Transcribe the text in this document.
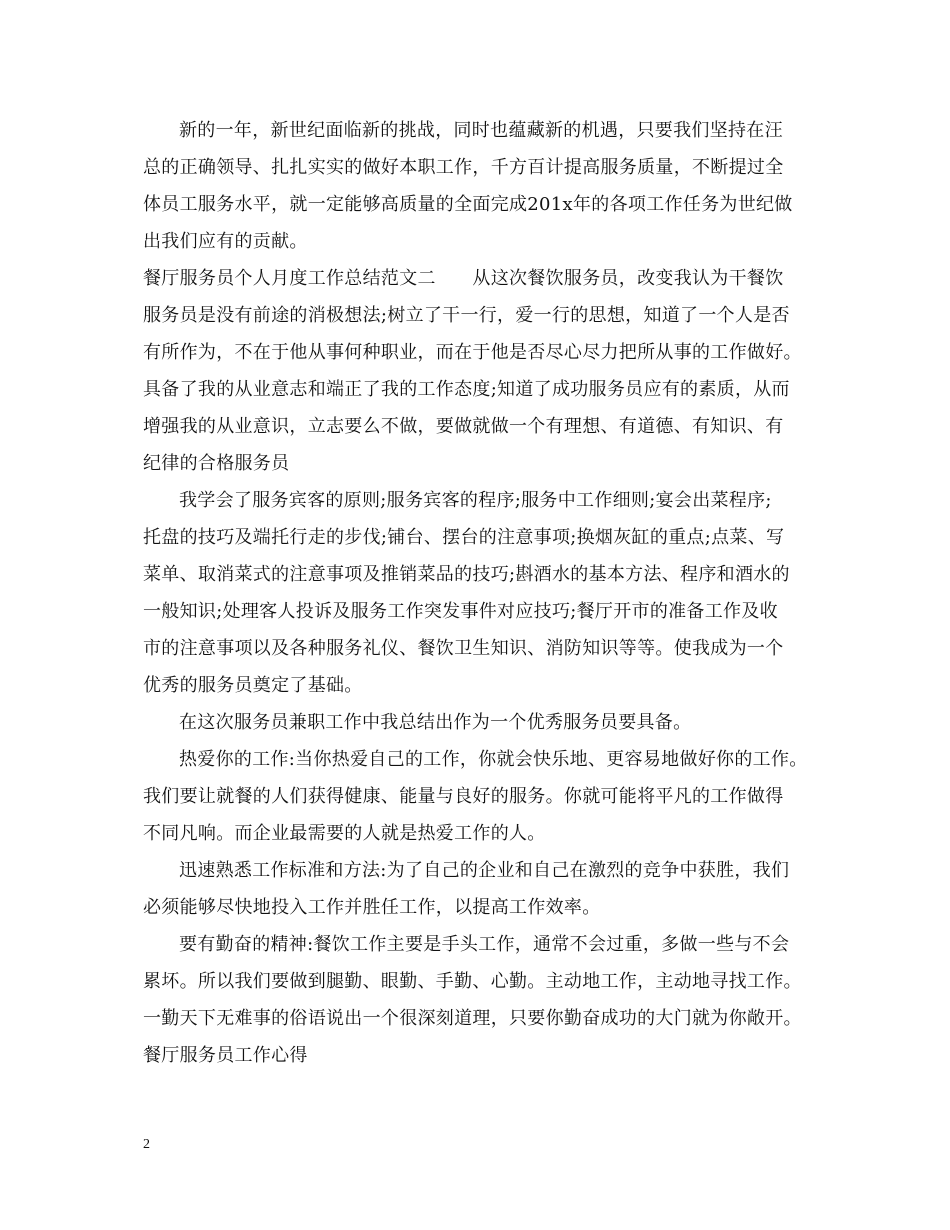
新的一年，新世纪面临新的挑战，同时也蕴藏新的机遇，只要我们坚持在汪
总的正确领导、扎扎实实的做好本职工作，千方百计提高服务质量，不断提过全
体员工服务水平，就一定能够高质量的全面完成201x年的各项工作任务为世纪做
出我们应有的贡献。
餐厅服务员个人月度工作总结范文二　　从这次餐饮服务员，改变我认为干餐饮
服务员是没有前途的消极想法;树立了干一行，爱一行的思想，知道了一个人是否
有所作为，不在于他从事何种职业，而在于他是否尽心尽力把所从事的工作做好。
具备了我的从业意志和端正了我的工作态度;知道了成功服务员应有的素质，从而
增强我的从业意识，立志要么不做，要做就做一个有理想、有道德、有知识、有
纪律的合格服务员
我学会了服务宾客的原则;服务宾客的程序;服务中工作细则;宴会出菜程序;
托盘的技巧及端托行走的步伐;铺台、摆台的注意事项;换烟灰缸的重点;点菜、写
菜单、取消菜式的注意事项及推销菜品的技巧;斟酒水的基本方法、程序和酒水的
一般知识;处理客人投诉及服务工作突发事件对应技巧;餐厅开市的准备工作及收
市的注意事项以及各种服务礼仪、餐饮卫生知识、消防知识等等。使我成为一个
优秀的服务员奠定了基础。
在这次服务员兼职工作中我总结出作为一个优秀服务员要具备。
热爱你的工作:当你热爱自己的工作，你就会快乐地、更容易地做好你的工作。
我们要让就餐的人们获得健康、能量与良好的服务。你就可能将平凡的工作做得
不同凡响。而企业最需要的人就是热爱工作的人。
迅速熟悉工作标准和方法:为了自己的企业和自己在激烈的竞争中获胜，我们
必须能够尽快地投入工作并胜任工作，以提高工作效率。
要有勤奋的精神:餐饮工作主要是手头工作，通常不会过重，多做一些与不会
累坏。所以我们要做到腿勤、眼勤、手勤、心勤。主动地工作，主动地寻找工作。
一勤天下无难事的俗语说出一个很深刻道理，只要你勤奋成功的大门就为你敞开。
餐厅服务员工作心得
2
